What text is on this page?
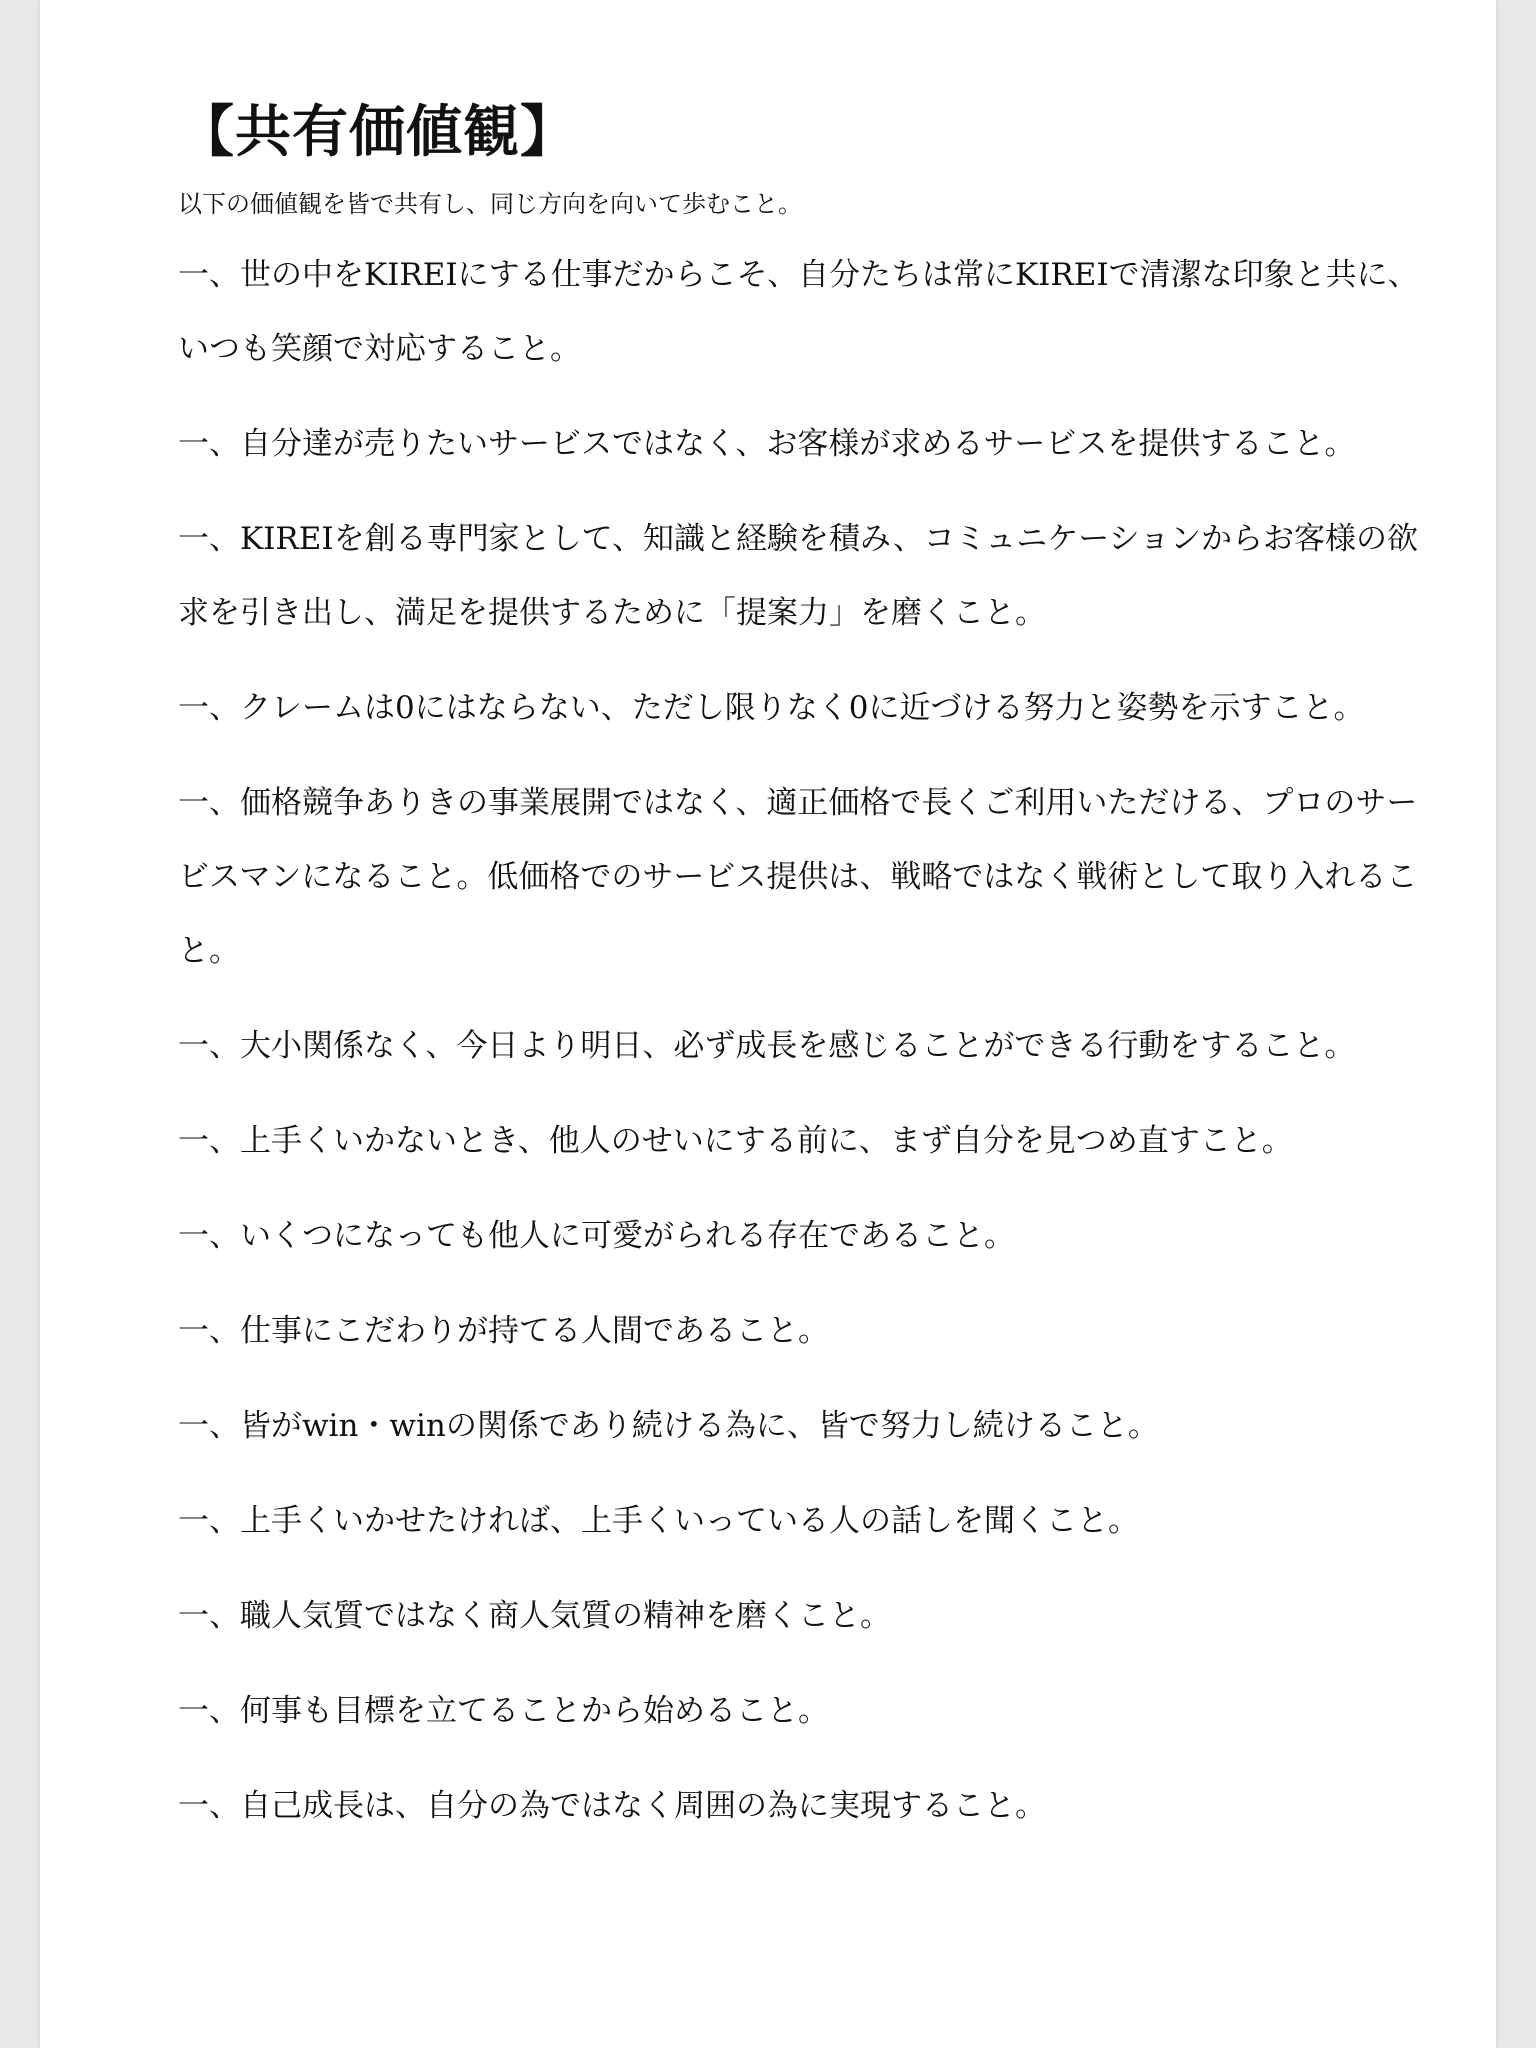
【共有価値観】

以下の価値観を皆で共有し、同じ方向を向いて歩むこと。

一、世の中をKIREIにする仕事だからこそ、自分たちは常にKIREIで清潔な印象と共に、いつも笑顔で対応すること。
一、自分達が売りたいサービスではなく、お客様が求めるサービスを提供すること。
一、KIREIを創る専門家として、知識と経験を積み、コミュニケーションからお客様の欲求を引き出し、満足を提供するために「提案力」を磨くこと。
一、クレームは0にはならない、ただし限りなく0に近づける努力と姿勢を示すこと。
一、価格競争ありきの事業展開ではなく、適正価格で長くご利用いただける、プロのサービスマンになること。低価格でのサービス提供は、戦略ではなく戦術として取り入れること。
一、大小関係なく、今日より明日、必ず成長を感じることができる行動をすること。
一、上手くいかないとき、他人のせいにする前に、まず自分を見つめ直すこと。
一、いくつになっても他人に可愛がられる存在であること。
一、仕事にこだわりが持てる人間であること。
一、皆がwin・winの関係であり続ける為に、皆で努力し続けること。
一、上手くいかせたければ、上手くいっている人の話しを聞くこと。
一、職人気質ではなく商人気質の精神を磨くこと。
一、何事も目標を立てることから始めること。
一、自己成長は、自分の為ではなく周囲の為に実現すること。
